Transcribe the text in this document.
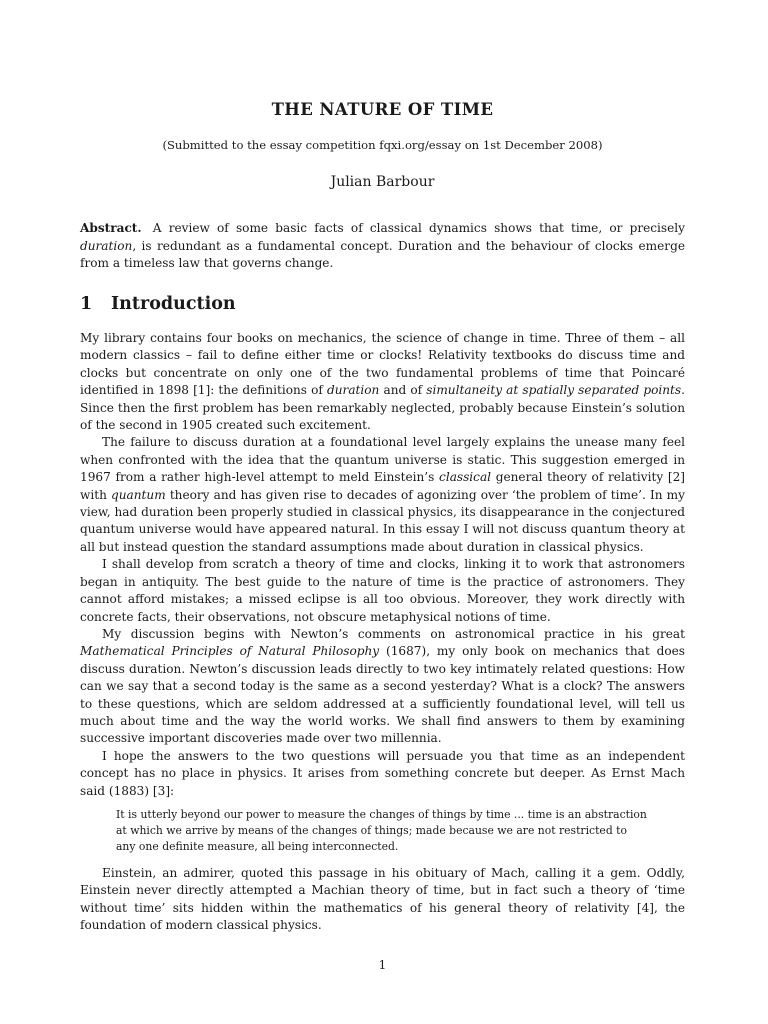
THE NATURE OF TIME
(Submitted to the essay competition fqxi.org/essay on 1st December 2008)
Julian Barbour
Abstract. A review of some basic facts of classical dynamics shows that time, or precisely duration, is redundant as a fundamental concept. Duration and the behaviour of clocks emerge from a timeless law that governs change.
1 Introduction

My library contains four books on mechanics, the science of change in time. Three of them – all modern classics – fail to define either time or clocks! Relativity textbooks do discuss time and clocks but concentrate on only one of the two fundamental problems of time that Poincaré identified in 1898 [1]: the definitions of duration and of simultaneity at spatially separated points. Since then the first problem has been remarkably neglected, probably because Einstein’s solution of the second in 1905 created such excitement.

The failure to discuss duration at a foundational level largely explains the unease many feel when confronted with the idea that the quantum universe is static. This suggestion emerged in 1967 from a rather high-level attempt to meld Einstein’s classical general theory of relativity [2] with quantum theory and has given rise to decades of agonizing over ‘the problem of time’. In my view, had duration been properly studied in classical physics, its disappearance in the conjectured quantum universe would have appeared natural. In this essay I will not discuss quantum theory at all but instead question the standard assumptions made about duration in classical physics.

I shall develop from scratch a theory of time and clocks, linking it to work that astronomers began in antiquity. The best guide to the nature of time is the practice of astronomers. They cannot afford mistakes; a missed eclipse is all too obvious. Moreover, they work directly with concrete facts, their observations, not obscure metaphysical notions of time.

My discussion begins with Newton’s comments on astronomical practice in his great Mathematical Principles of Natural Philosophy (1687), my only book on mechanics that does discuss duration. Newton’s discussion leads directly to two key intimately related questions: How can we say that a second today is the same as a second yesterday? What is a clock? The answers to these questions, which are seldom addressed at a sufficiently foundational level, will tell us much about time and the way the world works. We shall find answers to them by examining successive important discoveries made over two millennia.

I hope the answers to the two questions will persuade you that time as an independent concept has no place in physics. It arises from something concrete but deeper. As Ernst Mach said (1883) [3]:

It is utterly beyond our power to measure the changes of things by time ... time is an abstraction at which we arrive by means of the changes of things; made because we are not restricted to any one definite measure, all being interconnected.

Einstein, an admirer, quoted this passage in his obituary of Mach, calling it a gem. Oddly, Einstein never directly attempted a Machian theory of time, but in fact such a theory of ‘time without time’ sits hidden within the mathematics of his general theory of relativity [4], the foundation of modern classical physics.

1
